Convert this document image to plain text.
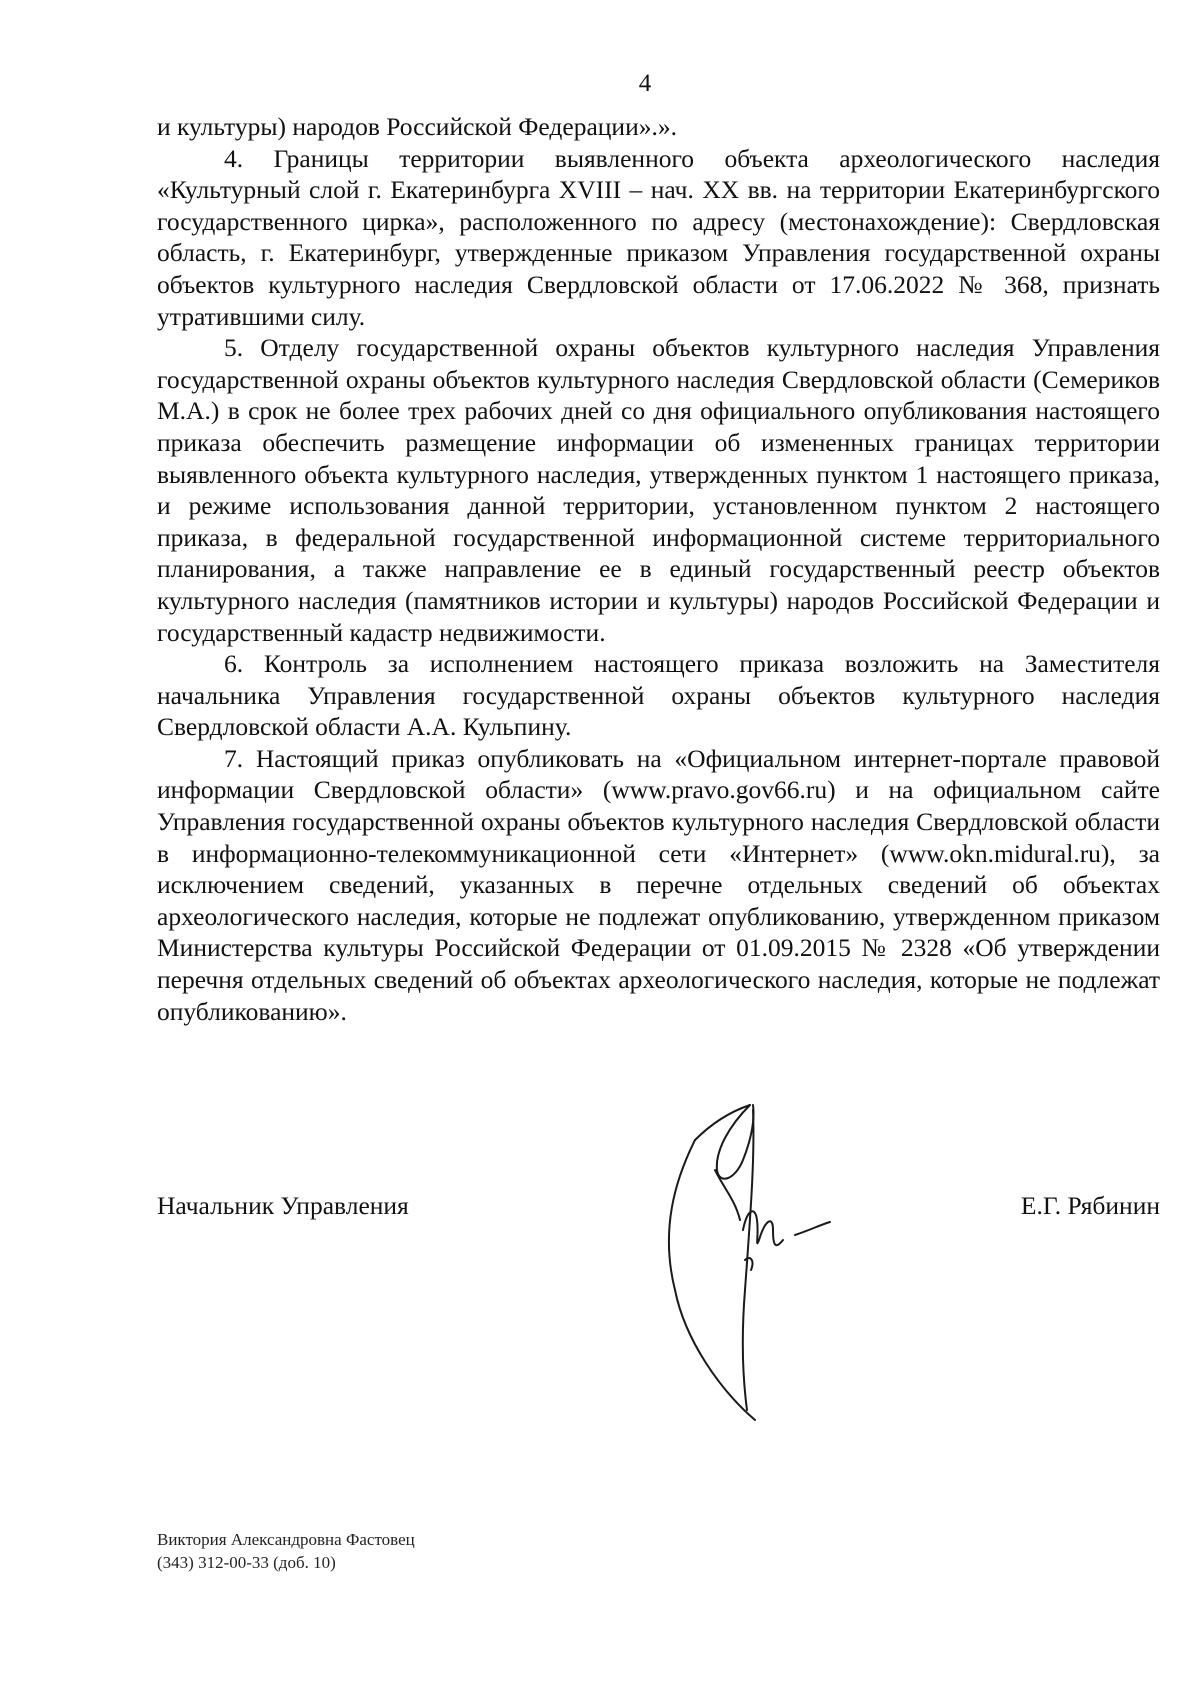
4

и культуры) народов Российской Федерации».».

4. Границы территории выявленного объекта археологического наследия «Культурный слой г. Екатеринбурга XVIII – нач. XX вв. на территории Екатеринбургского государственного цирка», расположенного по адресу (местонахождение): Свердловская область, г. Екатеринбург, утвержденные приказом Управления государственной охраны объектов культурного наследия Свердловской области от 17.06.2022 № 368, признать утратившими силу.

5. Отделу государственной охраны объектов культурного наследия Управления государственной охраны объектов культурного наследия Свердловской области (Семериков М.А.) в срок не более трех рабочих дней со дня официального опубликования настоящего приказа обеспечить размещение информации об измененных границах территории выявленного объекта культурного наследия, утвержденных пунктом 1 настоящего приказа, и режиме использования данной территории, установленном пунктом 2 настоящего приказа, в федеральной государственной информационной системе территориального планирования, а также направление ее в единый государственный реестр объектов культурного наследия (памятников истории и культуры) народов Российской Федерации и государственный кадастр недвижимости.

6. Контроль за исполнением настоящего приказа возложить на Заместителя начальника Управления государственной охраны объектов культурного наследия Свердловской области А.А. Кульпину.

7. Настоящий приказ опубликовать на «Официальном интернет-портале правовой информации Свердловской области» (www.pravo.gov66.ru) и на официальном сайте Управления государственной охраны объектов культурного наследия Свердловской области в информационно-телекоммуникационной сети «Интернет» (www.okn.midural.ru), за исключением сведений, указанных в перечне отдельных сведений об объектах археологического наследия, которые не подлежат опубликованию, утвержденном приказом Министерства культуры Российской Федерации от 01.09.2015 № 2328 «Об утверждении перечня отдельных сведений об объектах археологического наследия, которые не подлежат опубликованию».

Начальник Управления	Е.Г. Рябинин
Виктория Александровна Фастовец
(343) 312-00-33 (доб. 10)
